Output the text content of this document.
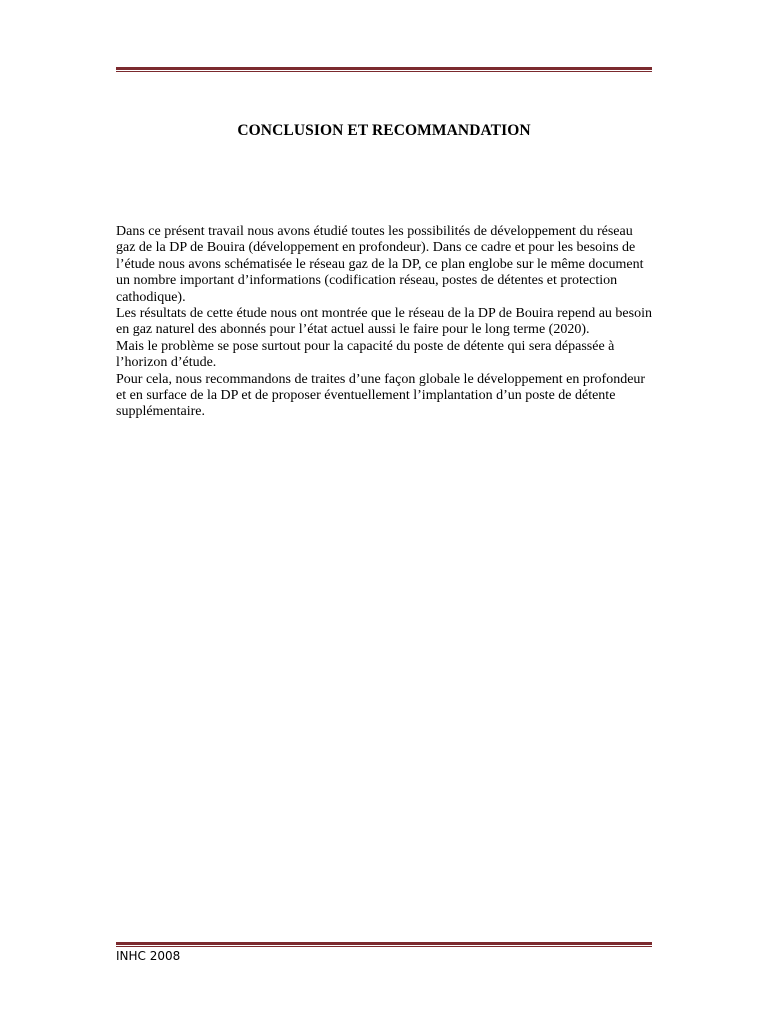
CONCLUSION ET RECOMMANDATION

Dans ce présent travail nous avons étudié toutes les possibilités de développement du réseau gaz de la DP de Bouira (développement en profondeur). Dans ce cadre et pour les besoins de l’étude nous avons schématisée le réseau gaz de la DP, ce plan englobe sur le même document un nombre important d’informations (codification réseau, postes de détentes et protection cathodique).

Les résultats de cette étude nous ont montrée que le réseau de la DP de Bouira repend au besoin en gaz naturel des abonnés pour l’état actuel aussi le faire pour le long terme (2020).

Mais le problème se pose surtout pour la capacité du poste de détente qui sera dépassée à l’horizon d’étude.

Pour cela, nous recommandons de traites d’une façon globale le développement en profondeur et en surface de la DP et de proposer éventuellement l’implantation d’un poste de détente supplémentaire.

INHC 2008
